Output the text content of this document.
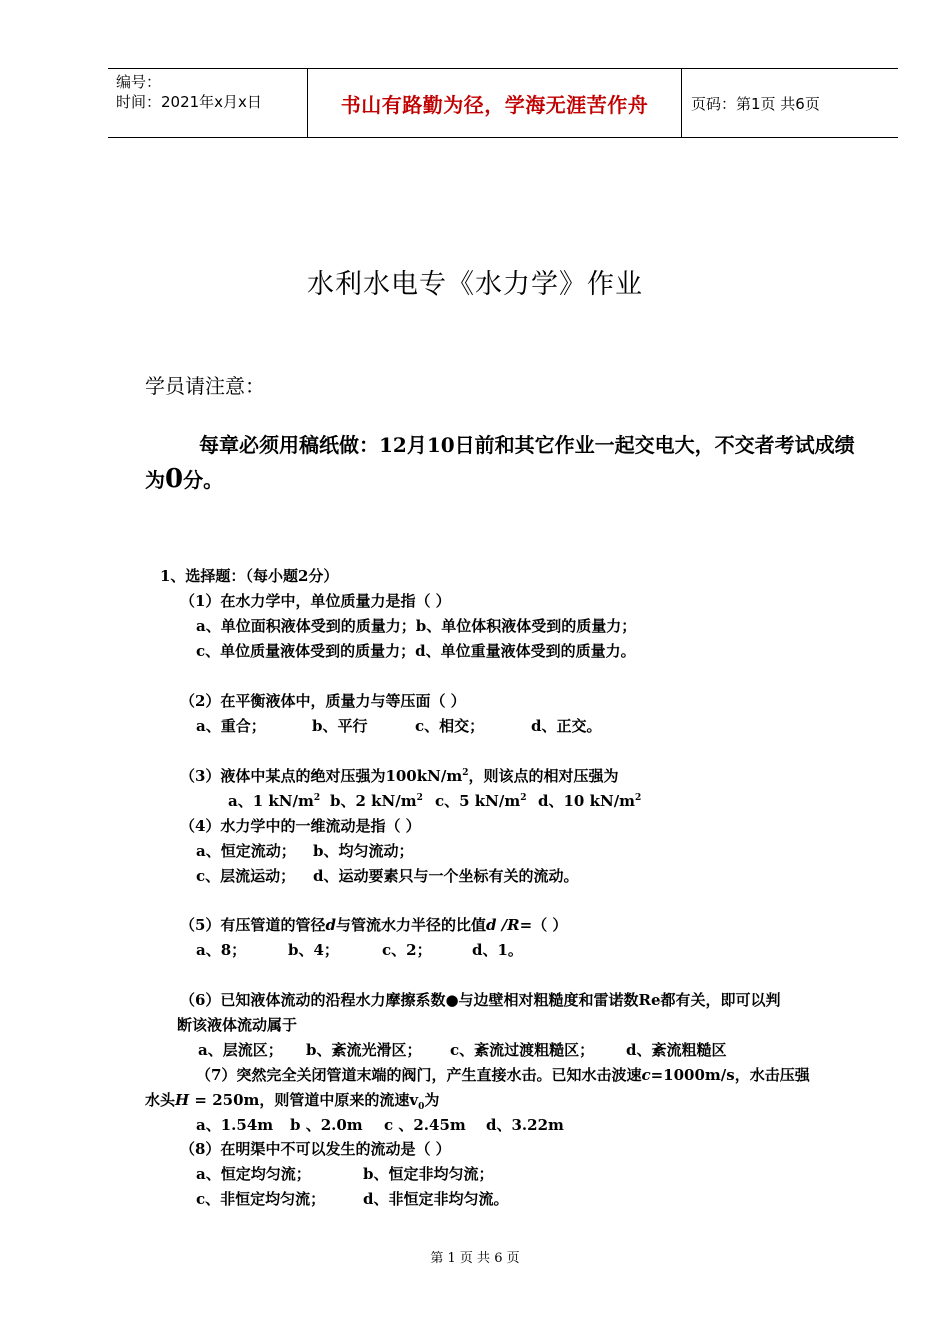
编号：
时间：2021年x月x日	书山有路勤为径，学海无涯苦作舟	页码：第1页 共6页
水利水电专《水力学》作业
学员请注意：
每章必须用稿纸做：12月10日前和其它作业一起交电大，不交者考试成绩为0分。
1、选择题：（每小题2分）
（1）在水力学中，单位质量力是指（ ）
a、单位面积液体受到的质量力；b、单位体积液体受到的质量力；
c、单位质量液体受到的质量力；d、单位重量液体受到的质量力。
（2）在平衡液体中，质量力与等压面（ ）
a、重合；	b、平行	c、相交；	d、正交。
（3）液体中某点的绝对压强为$100kN/m^2$，则该点的相对压强为
a、1 $kN/m^2$ b、2 $kN/m^2$ c、5 $kN/m^2$ d、10 $kN/m^2$
（4）水力学中的一维流动是指（ ）
a、恒定流动； b、均匀流动；
c、层流运动； d、运动要素只与一个坐标有关的流动。
（5）有压管道的管径d与管流水力半径的比值d /R=（ ）
a、8；	b、4；	c、2；	d、1。
（6）已知液体流动的沿程水力摩擦系数●与边壁相对粗糙度和雷诺数Re都有关，即可以判
断该液体流动属于
a、层流区； b、紊流光滑区； c、紊流过渡粗糙区； d、紊流粗糙区
（7）突然完全关闭管道末端的阀门，产生直接水击。已知水击波速c=1000m/s，水击压强
水头H = 250m，则管道中原来的流速$v_0$为
a、1.54m b 、2.0m c 、2.45m d、3.22m
（8）在明渠中不可以发生的流动是（ ）
a、恒定均匀流；	b、恒定非均匀流；
c、非恒定均匀流；	d、非恒定非均匀流。
第 1 页 共 6 页
